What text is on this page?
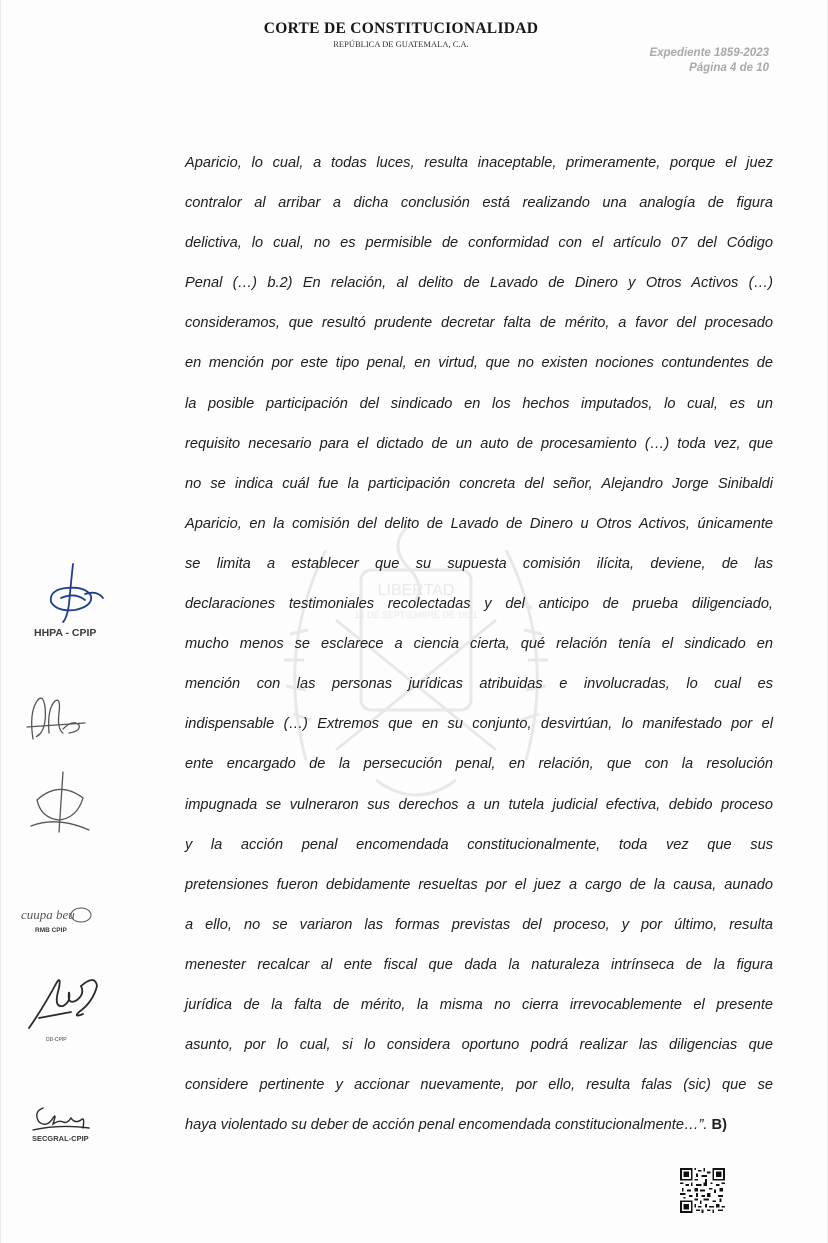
CORTE DE CONSTITUCIONALIDAD
REPÚBLICA DE GUATEMALA, C.A.
Expediente 1859-2023
Página 4 de 10
LIBERTAD
15 DE SEPTIEMBRE DE 1821
Aparicio, lo cual, a todas luces, resulta inaceptable, primeramente, porque el juez
contralor al arribar a dicha conclusión está realizando una analogía de figura
delictiva, lo cual, no es permisible de conformidad con el artículo 07 del Código
Penal (…) b.2) En relación, al delito de Lavado de Dinero y Otros Activos (…)
consideramos, que resultó prudente decretar falta de mérito, a favor del procesado
en mención por este tipo penal, en virtud, que no existen nociones contundentes de
la posible participación del sindicado en los hechos imputados, lo cual, es un
requisito necesario para el dictado de un auto de procesamiento (…) toda vez, que
no se indica cuál fue la participación concreta del señor, Alejandro Jorge Sinibaldi
Aparicio, en la comisión del delito de Lavado de Dinero u Otros Activos, únicamente
se limita a establecer que su supuesta comisión ilícita, deviene, de las
declaraciones testimoniales recolectadas y del anticipo de prueba diligenciado,
mucho menos se esclarece a ciencia cierta, qué relación tenía el sindicado en
mención con las personas jurídicas atribuidas e involucradas, lo cual es
indispensable (…) Extremos que en su conjunto, desvirtúan, lo manifestado por el
ente encargado de la persecución penal, en relación, que con la resolución
impugnada se vulneraron sus derechos a un tutela judicial efectiva, debido proceso
y la acción penal encomendada constitucionalmente, toda vez que sus
pretensiones fueron debidamente resueltas por el juez a cargo de la causa, aunado
a ello, no se variaron las formas previstas del proceso, y por último, resulta
menester recalcar al ente fiscal que dada la naturaleza intrínseca de la figura
jurídica de la falta de mérito, la misma no cierra irrevocablemente el presente
asunto, por lo cual, si lo considera oportuno podrá realizar las diligencias que
considere pertinente y accionar nuevamente, por ello, resulta falas (sic) que se
haya violentado su deber de acción penal encomendada constitucionalmente…”. B)
HHPA - CPIP
cuupa beu
RMB CPIP
DD-CPIP
SECGRAL-CPIP
